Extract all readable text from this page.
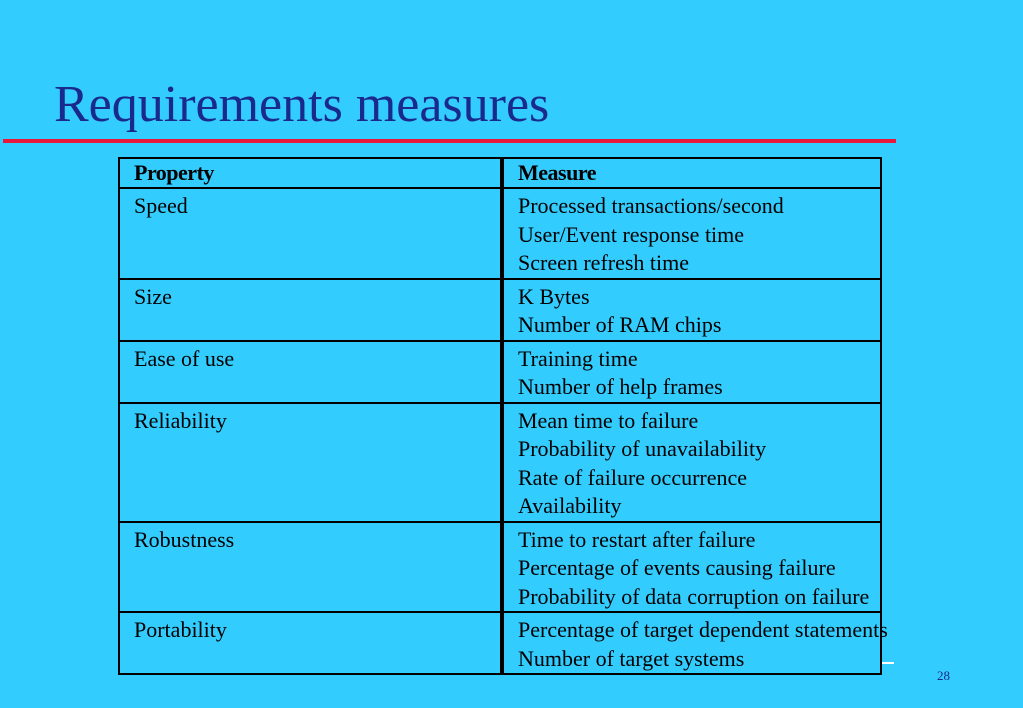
Requirements measures
Property	Measure
Speed	Processed transactions/second
User/Event response time
Screen refresh time

Size	K Bytes
Number of RAM chips

Ease of use	Training time
Number of help frames

Reliability	Mean time to failure
Probability of unavailability
Rate of failure occurrence
Availability

Robustness	Time to restart after failure
Percentage of events causing failure
Probability of data corruption on failure

Portability	Percentage of target dependent statements
Number of target systems
28
